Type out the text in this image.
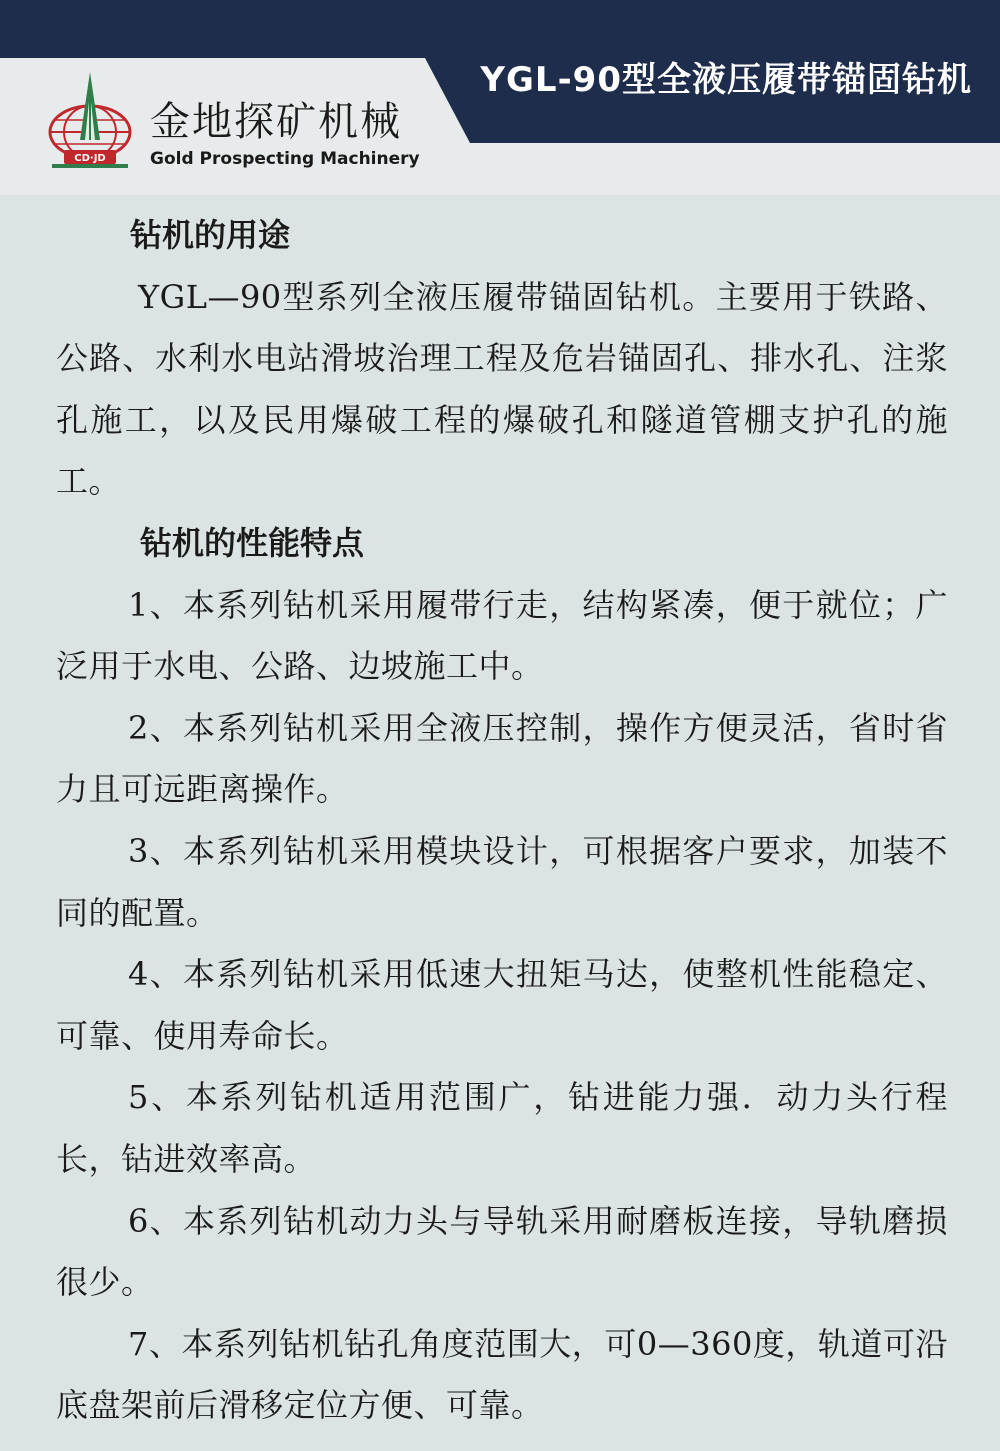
YGL-90型全液压履带锚固钻机
CD·JD
金地探矿机械
Gold Prospecting Machinery

钻机的用途

YGL—90型系列全液压履带锚固钻机。主要用于铁路、公路、水利水电站滑坡治理工程及危岩锚固孔、排水孔、注浆孔施工，以及民用爆破工程的爆破孔和隧道管棚支护孔的施工。

钻机的性能特点

1、本系列钻机采用履带行走，结构紧凑，便于就位；广泛用于水电、公路、边坡施工中。

2、本系列钻机采用全液压控制，操作方便灵活，省时省力且可远距离操作。

3、本系列钻机采用模块设计，可根据客户要求，加装不同的配置。

4、本系列钻机采用低速大扭矩马达，使整机性能稳定、可靠、使用寿命长。

5、本系列钻机适用范围广，钻进能力强．动力头行程长，钻进效率高。

6、本系列钻机动力头与导轨采用耐磨板连接，导轨磨损很少。

7、本系列钻机钻孔角度范围大，可0—360度，轨道可沿底盘架前后滑移定位方便、可靠。
